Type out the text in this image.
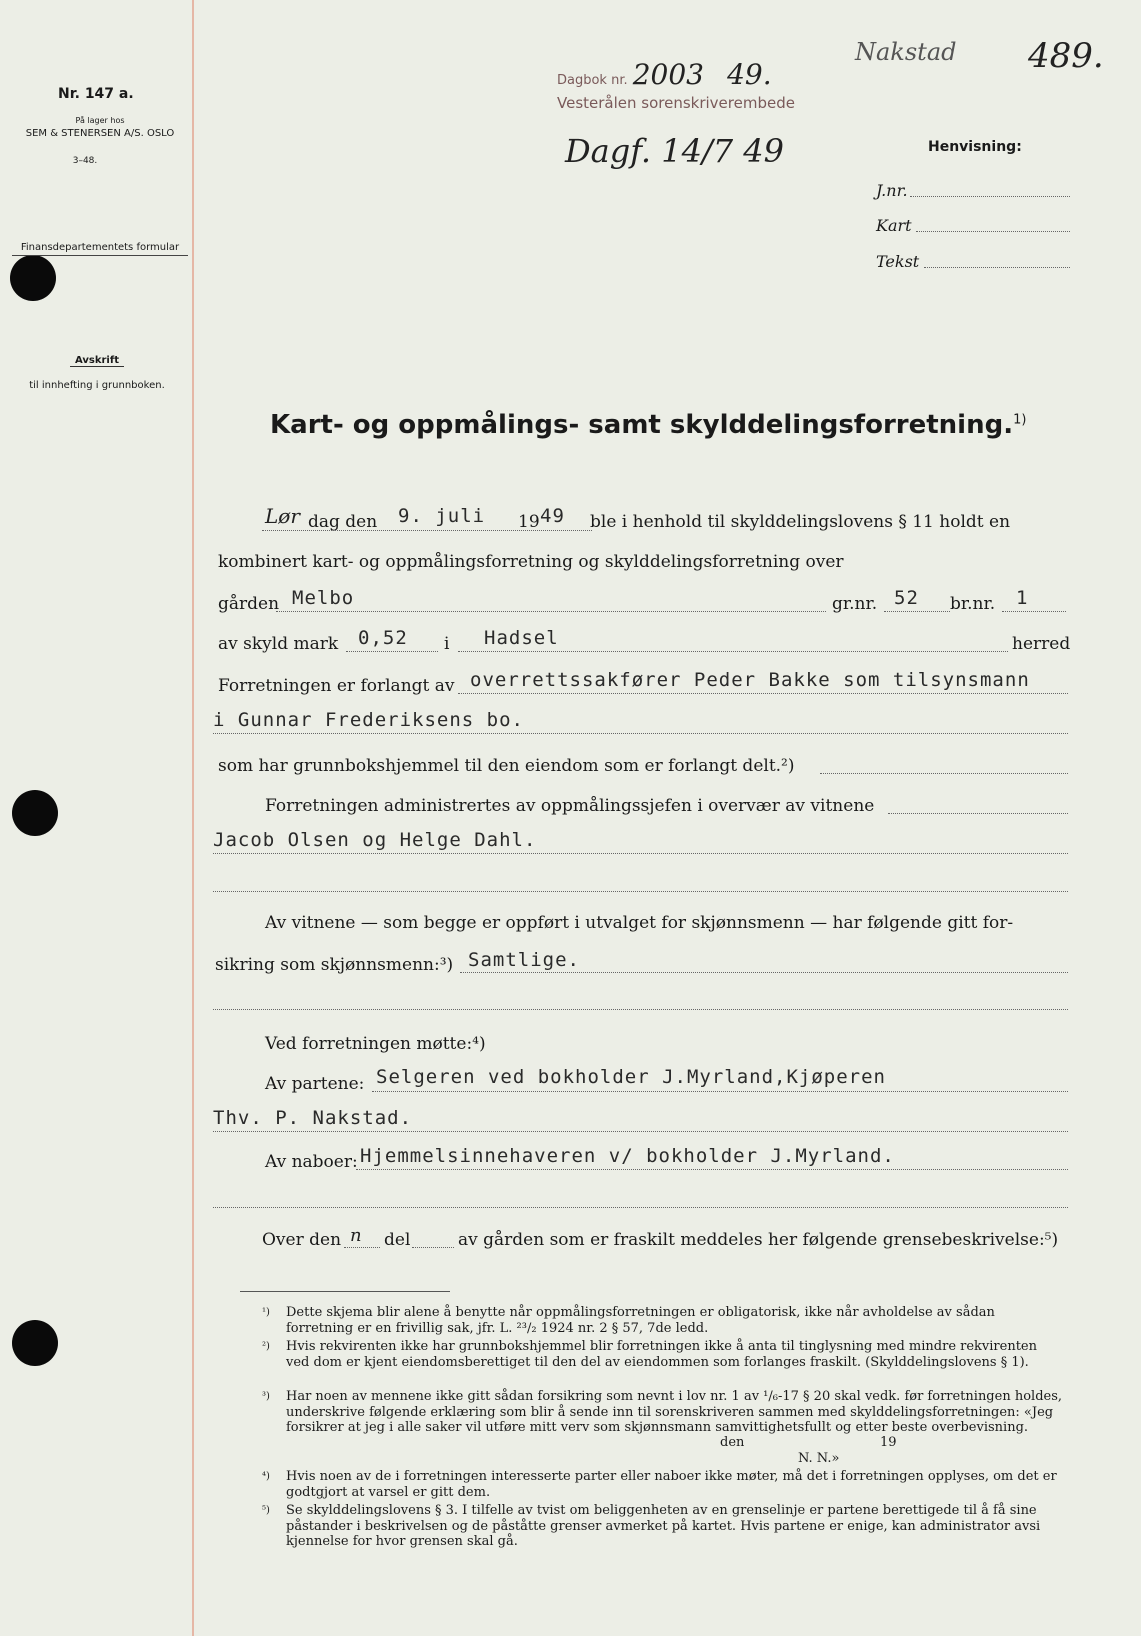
Nr. 147 a.
På lager hos
SEM & STENERSEN A/S. OSLO
3–48.
Finansdepartementets formular
Avskrift
til innhefting i grunnboken.
Dagbok nr. 2003 49.
Vesterålen sorenskriverembede
Dagf. 14/7 49
Nakstad 489.
Henvisning:
J.nr.
Kart
Tekst
Kart- og oppmålings- samt skylddelingsforretning.$^{1)}$
Lør dag den 9. juli 19 49 ble i henhold til skylddelingslovens § 11 holdt en
kombinert kart- og oppmålingsforretning og skylddelingsforretning over
gården Melbo	gr.nr. 52 br.nr. 1
av skyld mark 0,52 i Hadsel	herred
Forretningen er forlangt av overrettssakfører Peder Bakke som tilsynsmann
i Gunnar Frederiksens bo.
som har grunnbokshjemmel til den eiendom som er forlangt delt.²)
Forretningen administrertes av oppmålingssjefen i overvær av vitnene
Jacob Olsen og Helge Dahl.
Av vitnene — som begge er oppført i utvalget for skjønnsmenn — har følgende gitt for-
sikring som skjønnsmenn:³) Samtlige.
Ved forretningen møtte:⁴)
Av partene: Selgeren ved bokholder J.Myrland,Kjøperen
Thv. P. Nakstad.
Av naboer: Hjemmelsinnehaveren v/ bokholder J.Myrland.
Over den n del	av gården som er fraskilt meddeles her følgende grensebeskrivelse:⁵)
¹) Dette skjema blir alene å benytte når oppmålingsforretningen er obligatorisk, ikke når avholdelse av sådan forretning er en frivillig sak, jfr. L. ²³/₂ 1924 nr. 2 § 57, 7de ledd.
²) Hvis rekvirenten ikke har grunnbokshjemmel blir forretningen ikke å anta til tinglysning med mindre rekvirenten ved dom er kjent eiendomsberettiget til den del av eiendommen som forlanges fraskilt. (Skylddelingslovens § 1).
³) Har noen av mennene ikke gitt sådan forsikring som nevnt i lov nr. 1 av ¹/₆-17 § 20 skal vedk. før forretningen holdes, underskrive følgende erklæring som blir å sende inn til sorenskriveren sammen med skylddelingsforretningen: «Jeg forsikrer at jeg i alle saker vil utføre mitt verv som skjønnsmann samvittighetsfullt og etter beste overbevisning.
den	19
N. N.»
⁴) Hvis noen av de i forretningen interesserte parter eller naboer ikke møter, må det i forretningen opplyses, om det er godtgjort at varsel er gitt dem.
⁵) Se skylddelingslovens § 3. I tilfelle av tvist om beliggenheten av en grenselinje er partene berettigede til å få sine påstander i beskrivelsen og de påståtte grenser avmerket på kartet. Hvis partene er enige, kan administrator avsi kjennelse for hvor grensen skal gå.
